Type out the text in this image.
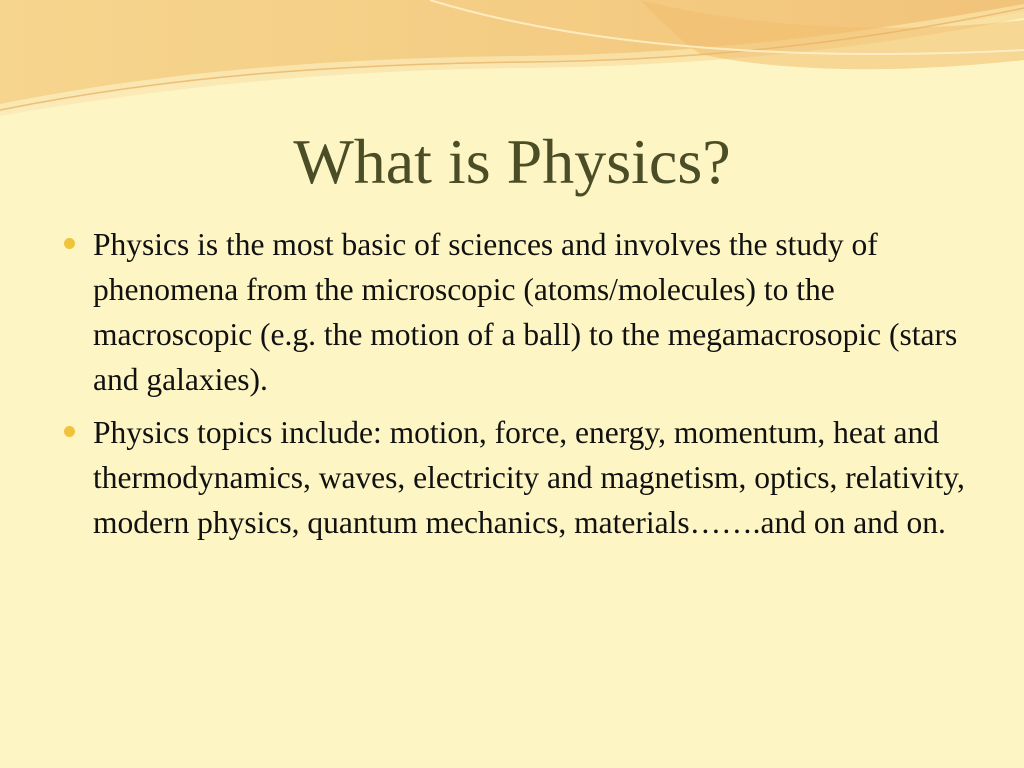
What is Physics?
Physics is the most basic of sciences and involves the study of phenomena from the microscopic (atoms/molecules) to the macroscopic (e.g. the motion of a ball) to the megamacrosopic (stars and galaxies).
Physics topics include: motion, force, energy, momentum, heat and thermodynamics, waves, electricity and magnetism, optics, relativity, modern physics, quantum mechanics, materials…….and on and on.
